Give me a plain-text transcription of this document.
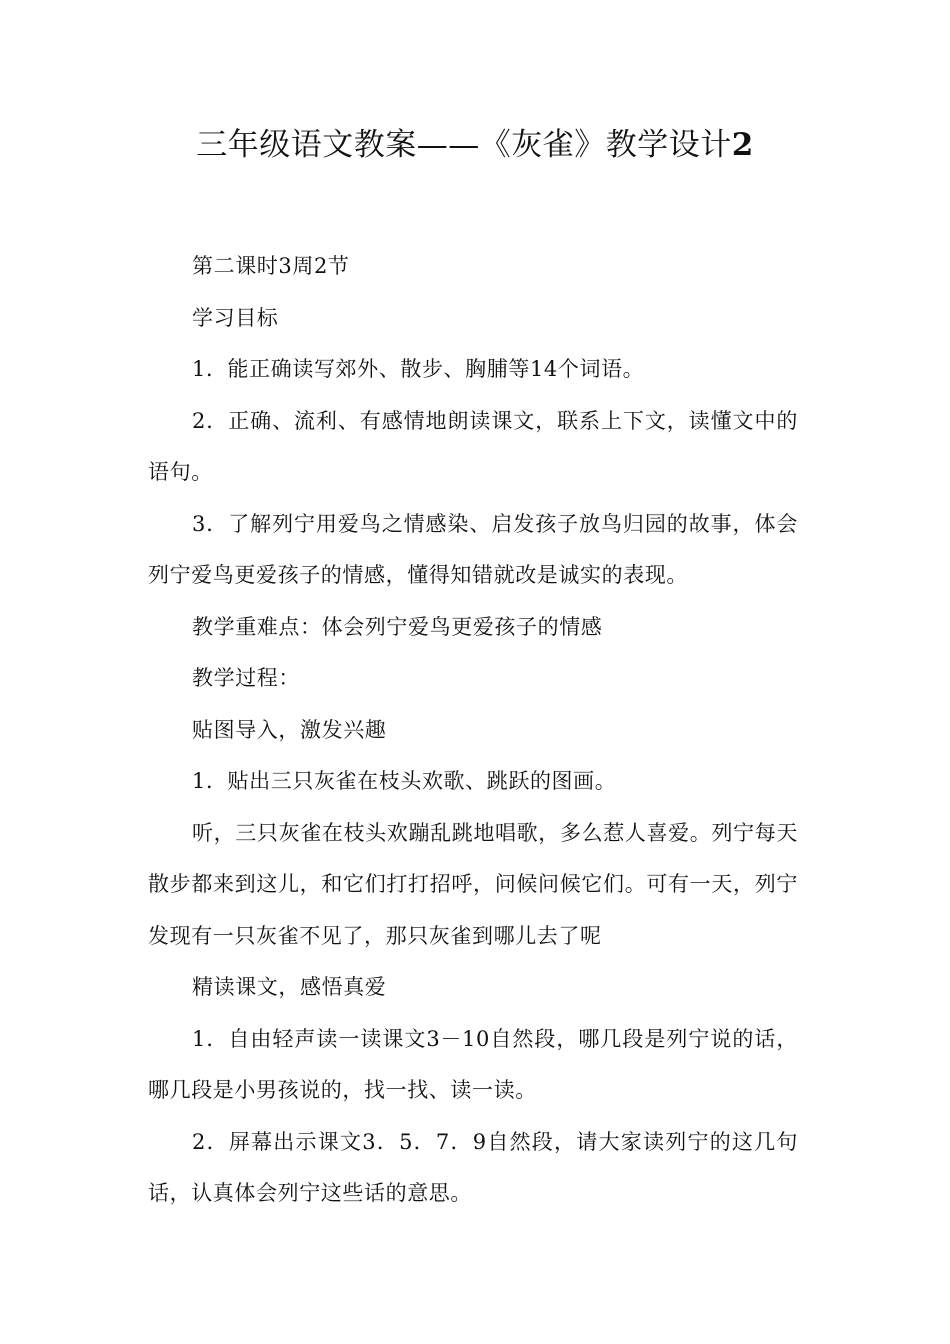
三年级语文教案——《灰雀》教学设计2

第二课时3周2节

学习目标

1．能正确读写郊外、散步、胸脯等14个词语。

2．正确、流利、有感情地朗读课文，联系上下文，读懂文中的语句。

3．了解列宁用爱鸟之情感染、启发孩子放鸟归园的故事，体会列宁爱鸟更爱孩子的情感，懂得知错就改是诚实的表现。

教学重难点：体会列宁爱鸟更爱孩子的情感

教学过程：

贴图导入，激发兴趣

1．贴出三只灰雀在枝头欢歌、跳跃的图画。

听，三只灰雀在枝头欢蹦乱跳地唱歌，多么惹人喜爱。列宁每天散步都来到这儿，和它们打打招呼，问候问候它们。可有一天，列宁发现有一只灰雀不见了，那只灰雀到哪儿去了呢

精读课文，感悟真爱

1．自由轻声读一读课文3－10自然段，哪几段是列宁说的话，哪几段是小男孩说的，找一找、读一读。

2．屏幕出示课文3．5．7．9自然段，请大家读列宁的这几句话，认真体会列宁这些话的意思。
